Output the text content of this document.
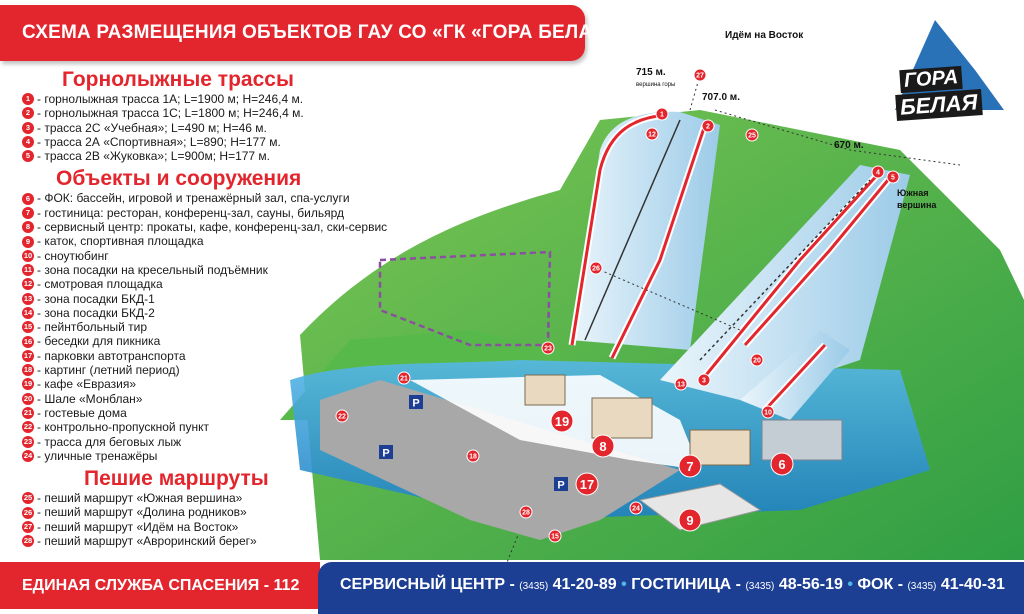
1
2
3
4
5
6
7
8
9
10
12
13
15
17
18
19
20
21
22
23
24
25
26
27
28
P
P
P
СХЕМА РАЗМЕЩЕНИЯ ОБЪЕКТОВ ГАУ СО «ГК «ГОРА БЕЛАЯ»
Горнолыжные трассы
1 - горнолыжная трасса 1А; L=1900 м; H=246,4 м.
2 - горнолыжная трасса 1С; L=1800 м; H=246,4 м.
3 - трасса 2С «Учебная»; L=490 м; H=46 м.
4 - трасса 2А «Спортивная»; L=890; H=177 м.
5 - трасса 2В «Жуковка»; L=900м; H=177 м.
Объекты и сооружения
6 - ФОК: бассейн, игровой и тренажёрный зал, спа-услуги
7 - гостиница: ресторан, конференц-зал, сауны, бильярд
8 - сервисный центр: прокаты, кафе, конференц-зал, ски-сервис
9 - каток, спортивная площадка
10 - сноутюбинг
11 - зона посадки на кресельный подъёмник
12 - смотровая площадка
13 - зона посадки БКД-1
14 - зона посадки БКД-2
15 - пейнтбольный тир
16 - беседки для пикника
17 - парковки автотранспорта
18 - картинг (летний период)
19 - кафе «Евразия»
20 - Шале «Монблан»
21 - гостевые дома
22 - контрольно-пропускной пункт
23 - трасса для беговых лыж
24 - уличные тренажёры
Пешие маршруты
25 - пеший маршрут «Южная вершина»
26 - пеший маршрут «Долина родников»
27 - пеший маршрут «Идём на Восток»
28 - пеший маршрут «Авроринский берег»
Идём на Восток
715 м.
вершина горы
707.0 м.
670 м.
Южная
вершина
ГОРА
БЕЛАЯ
ЕДИНАЯ СЛУЖБА СПАСЕНИЯ - 112	СЕРВИСНЫЙ ЦЕНТР - (3435) 41-20-89 • ГОСТИНИЦА - (3435) 48-56-19 • ФОК - (3435) 41-40-31
